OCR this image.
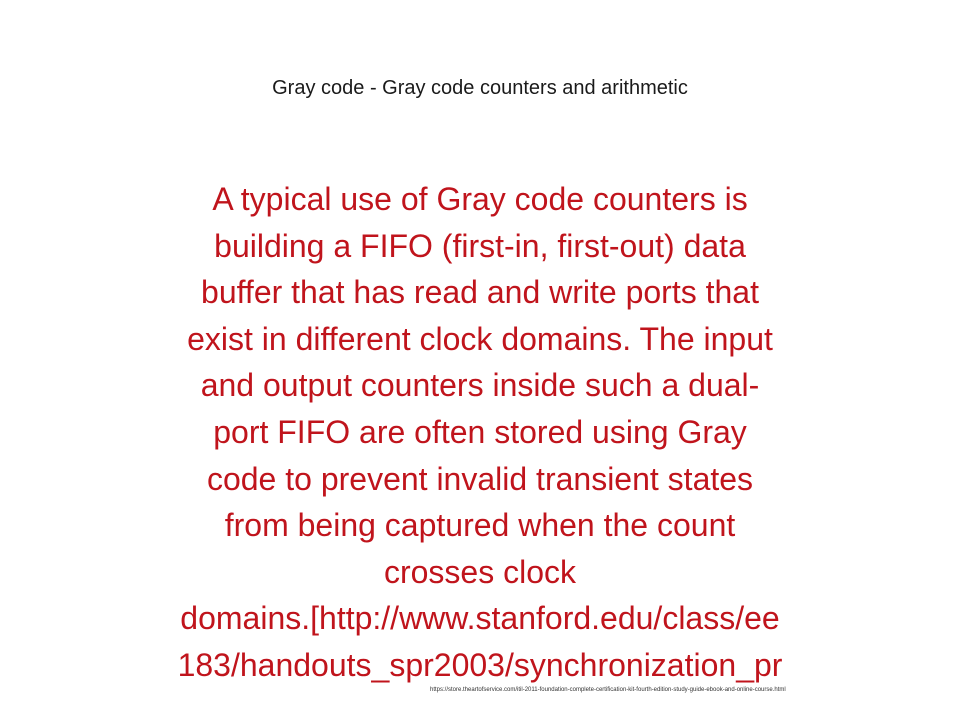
Gray code - Gray code counters and arithmetic

A typical use of Gray code counters is

building a FIFO (first-in, first-out) data

buffer that has read and write ports that

exist in different clock domains. The input

and output counters inside such a dual-

port FIFO are often stored using Gray

code to prevent invalid transient states

from being captured when the count

crosses clock

domains.[http://www.stanford.edu/class/ee

183/handouts_spr2003/synchronization_pr

https://store.theartofservice.com/itil-2011-foundation-complete-certification-kit-fourth-edition-study-guide-ebook-and-online-course.html
